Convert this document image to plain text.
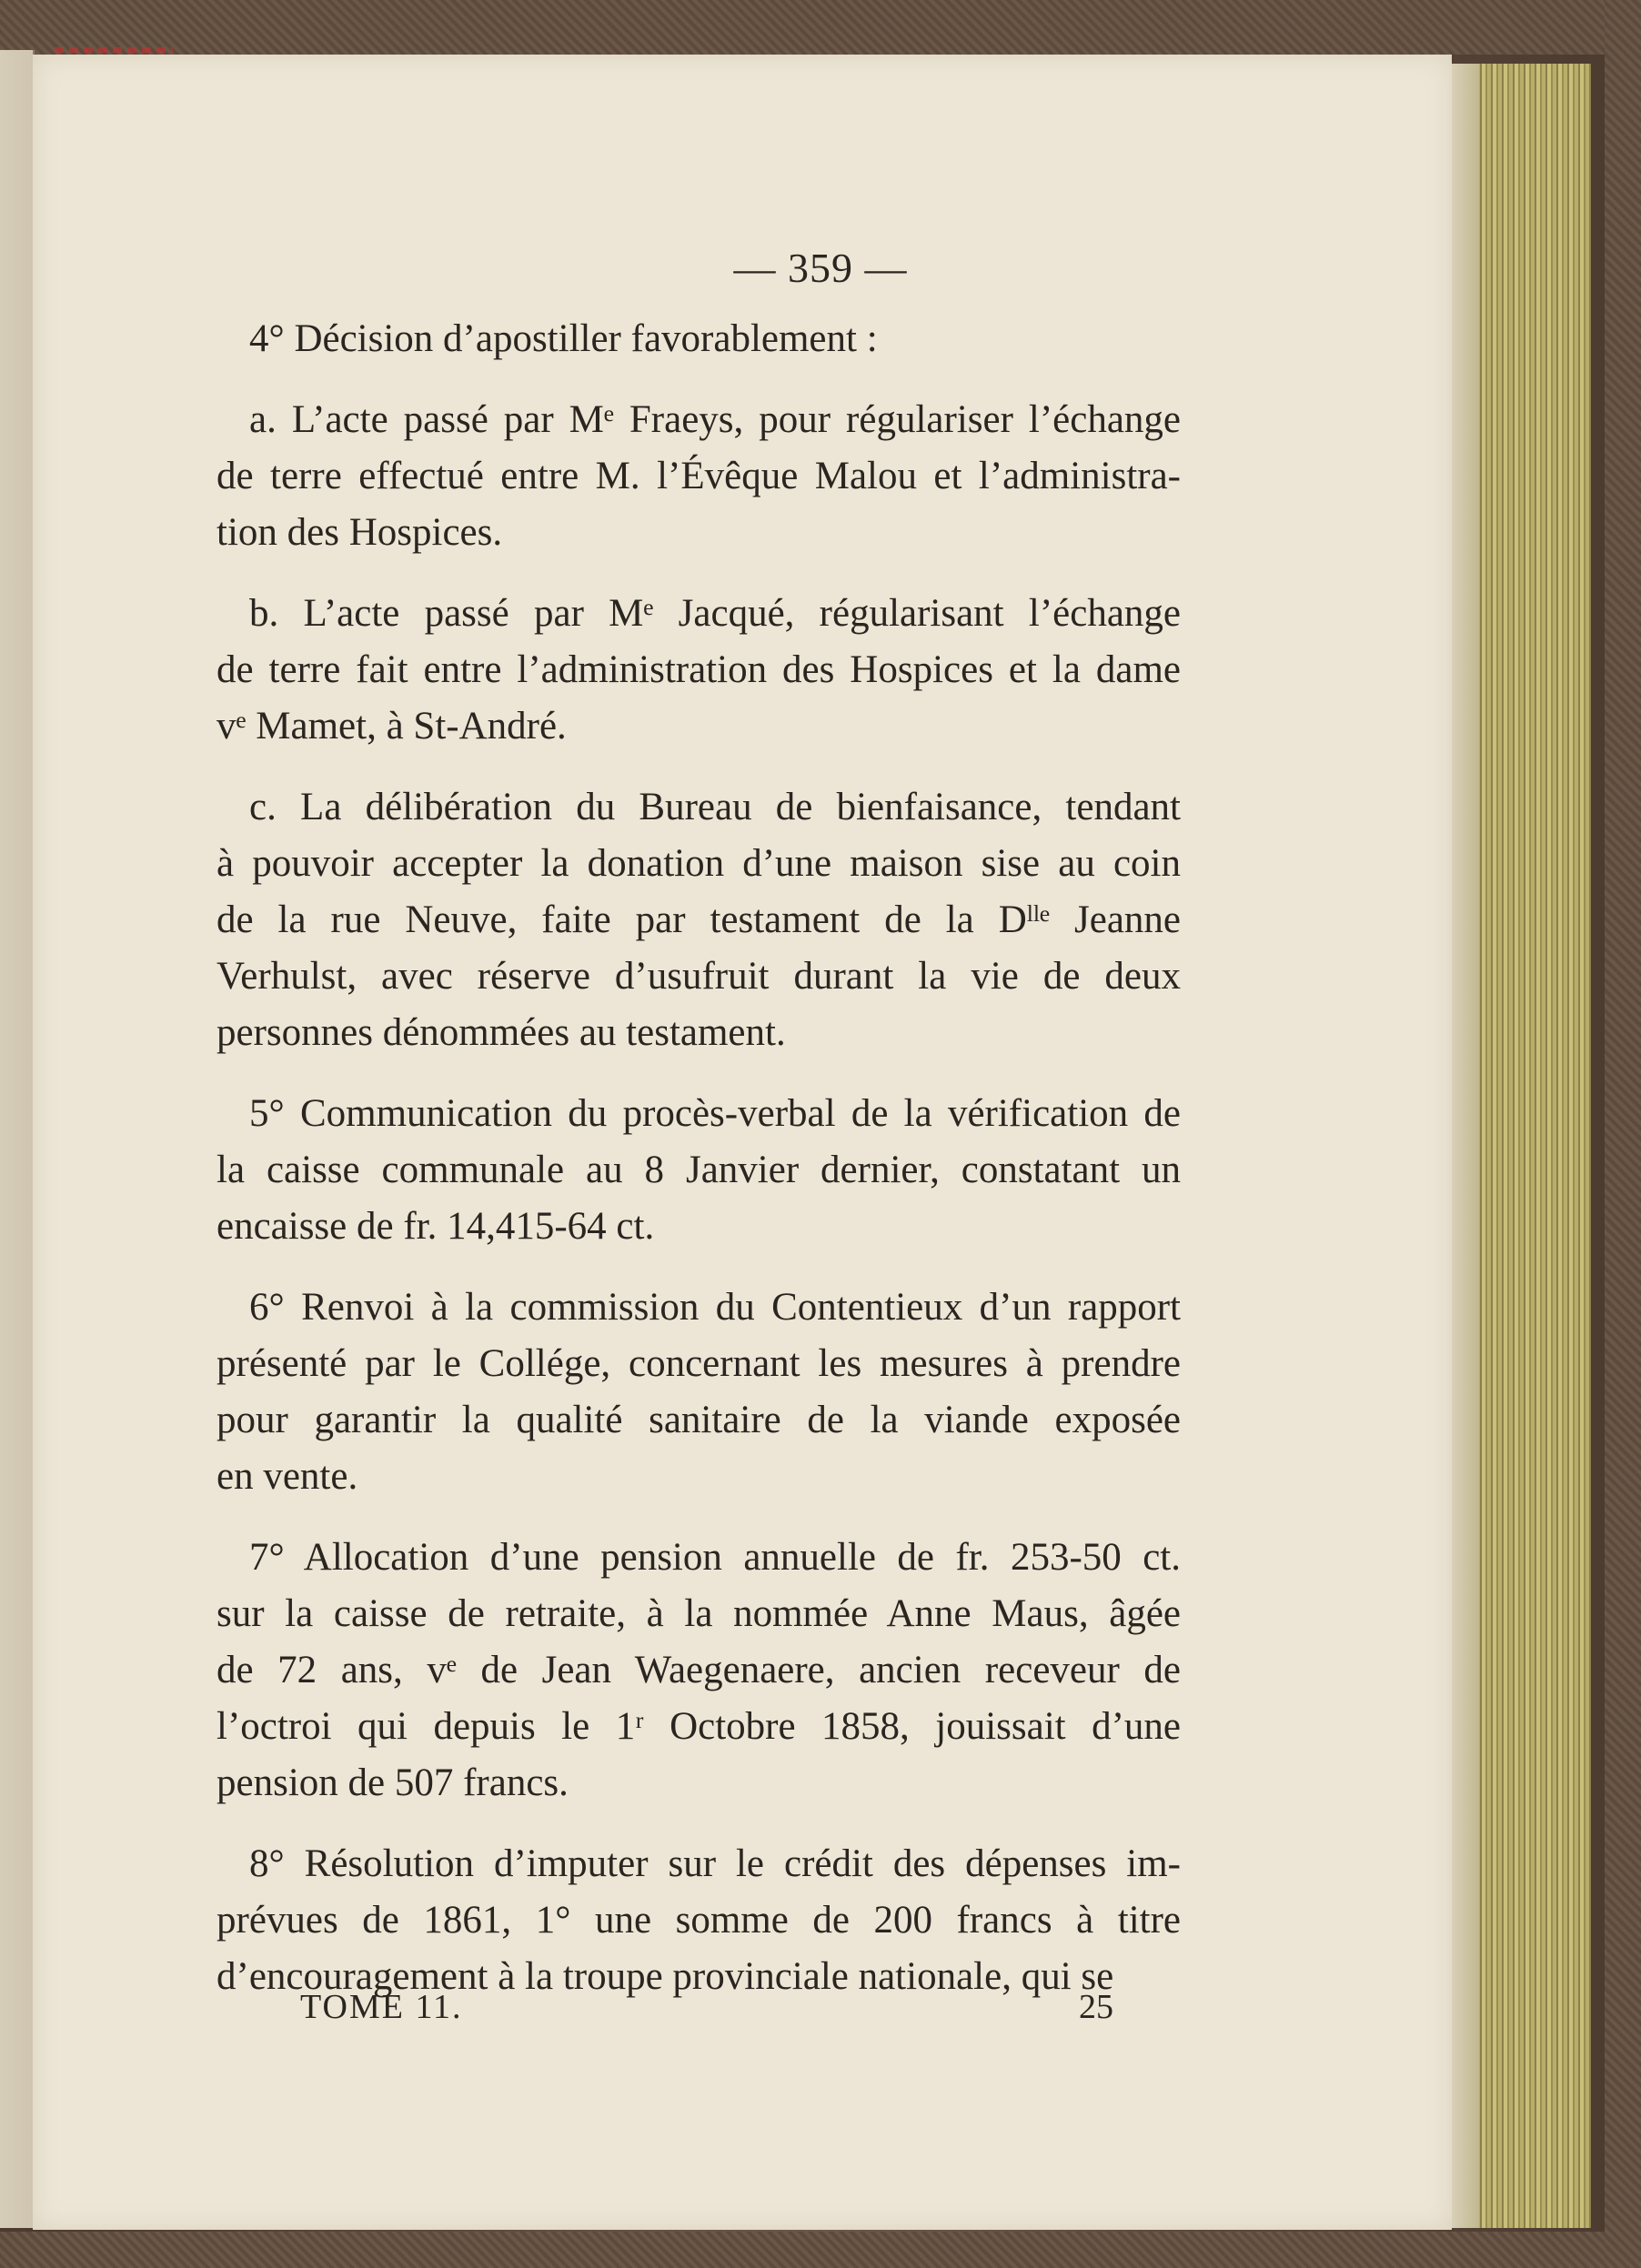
— 359 —
4° Décision d’apostiller favorablement :
a. L’acte passé par Mᵉ Fraeys, pour régulariser l’échange
de terre effectué entre M. l’Évêque Malou et l’administra-
tion des Hospices.
b. L’acte passé par Mᵉ Jacqué, régularisant l’échange
de terre fait entre l’administration des Hospices et la dame
vᵉ Mamet, à St-André.
c. La délibération du Bureau de bienfaisance, tendant
à pouvoir accepter la donation d’une maison sise au coin
de la rue Neuve, faite par testament de la Dˡˡᵉ Jeanne
Verhulst, avec réserve d’usufruit durant la vie de deux
personnes dénommées au testament.
5° Communication du procès-verbal de la vérification de
la caisse communale au 8 Janvier dernier, constatant un
encaisse de fr. 14,415-64 ct.
6° Renvoi à la commission du Contentieux d’un rapport
présenté par le Collége, concernant les mesures à prendre
pour garantir la qualité sanitaire de la viande exposée
en vente.
7° Allocation d’une pension annuelle de fr. 253-50 ct.
sur la caisse de retraite, à la nommée Anne Maus, âgée
de 72 ans, vᵉ de Jean Waegenaere, ancien receveur de
l’octroi qui depuis le 1ʳ Octobre 1858, jouissait d’une
pension de 507 francs.
8° Résolution d’imputer sur le crédit des dépenses im-
prévues de 1861, 1° une somme de 200 francs à titre
d’encouragement à la troupe provinciale nationale, qui se
TOME 11.	25
